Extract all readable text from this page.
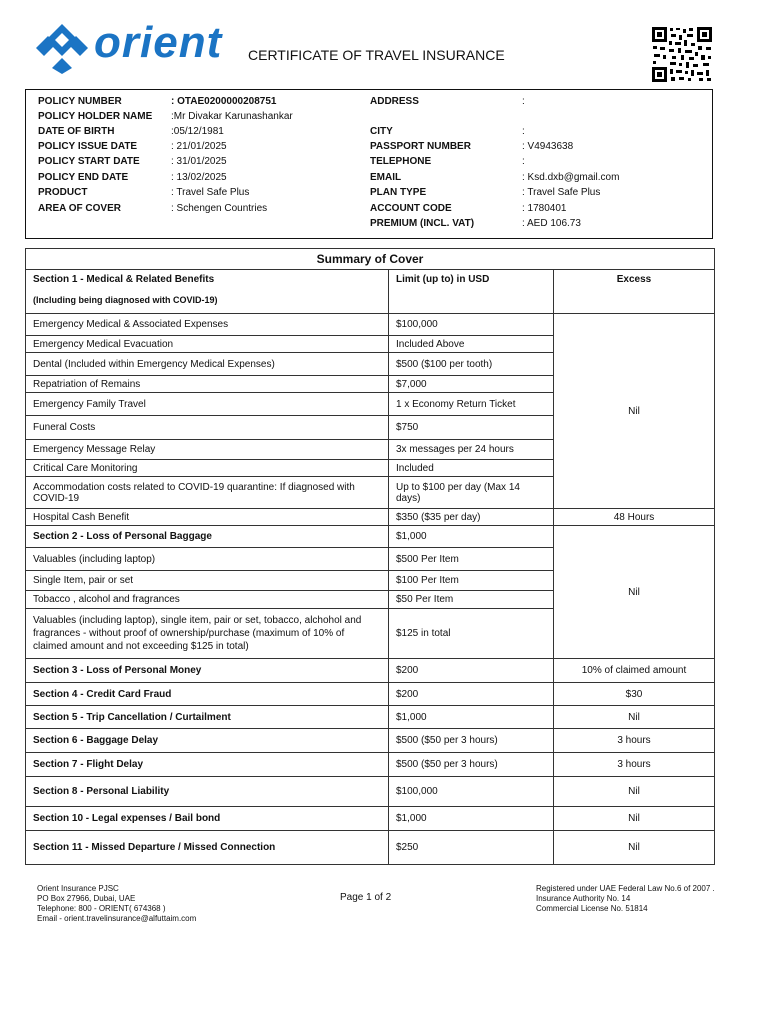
orient CERTIFICATE OF TRAVEL INSURANCE
POLICY NUMBER	: OTAE0200000208751	ADDRESS	:
POLICY HOLDER NAME :Mr Divakar Karunashankar
DATE OF BIRTH	:05/12/1981	CITY	:
POLICY ISSUE DATE	: 21/01/2025	PASSPORT NUMBER	: V4943638
POLICY START DATE	: 31/01/2025	TELEPHONE	:
POLICY END DATE	: 13/02/2025	EMAIL	: Ksd.dxb@gmail.com
PRODUCT	: Travel Safe Plus	PLAN TYPE	: Travel Safe Plus
AREA OF COVER	: Schengen Countries	ACCOUNT CODE	: 1780401
PREMIUM (INCL. VAT)	: AED 106.73
Summary of Cover		
Section 1 - Medical & Related Benefits
(Including being diagnosed with COVID-19)	Limit (up to) in USD	Excess
Emergency Medical & Associated Expenses	$100,000	Nil
Emergency Medical Evacuation	Included Above	
Dental (Included within Emergency Medical Expenses)	$500 ($100 per tooth)	
Repatriation of Remains	$7,000	
Emergency Family Travel	1 x Economy Return Ticket	
Funeral Costs	$750	
Emergency Message Relay	3x messages per 24 hours	
Critical Care Monitoring	Included	
Accommodation costs related to COVID-19 quarantine: If diagnosed with COVID-19	Up to $100 per day (Max 14 days)	
Hospital Cash Benefit	$350 ($35 per day)	48 Hours
Section 2 - Loss of Personal Baggage	$1,000	Nil
Valuables (including laptop)	$500 Per Item	
Single Item, pair or set	$100 Per Item	
Tobacco , alcohol and fragrances	$50 Per Item	
Valuables (including laptop), single item, pair or set, tobacco, alchohol and fragrances - without proof of ownership/purchase (maximum of 10% of claimed amount and not exceeding $125 in total)	$125 in total	
Section 3 - Loss of Personal Money	$200	10% of claimed amount
Section 4 - Credit Card Fraud	$200	$30
Section 5 - Trip Cancellation / Curtailment	$1,000	Nil
Section 6 - Baggage Delay	$500 ($50 per 3 hours)	3 hours
Section 7 - Flight Delay	$500 ($50 per 3 hours)	3 hours
Section 8 - Personal Liability	$100,000	Nil
Section 10 - Legal expenses / Bail bond	$1,000	Nil
Section 11 - Missed Departure / Missed Connection	$250	Nil
Orient Insurance PJSC
PO Box 27966, Dubai, UAE
Telephone: 800 - ORIENT( 674368 )
Email - orient.travelinsurance@alfuttaim.com
Page 1 of 2
Registered under UAE Federal Law No.6 of 2007 .
Insurance Authority No. 14
Commercial License No. 51814
